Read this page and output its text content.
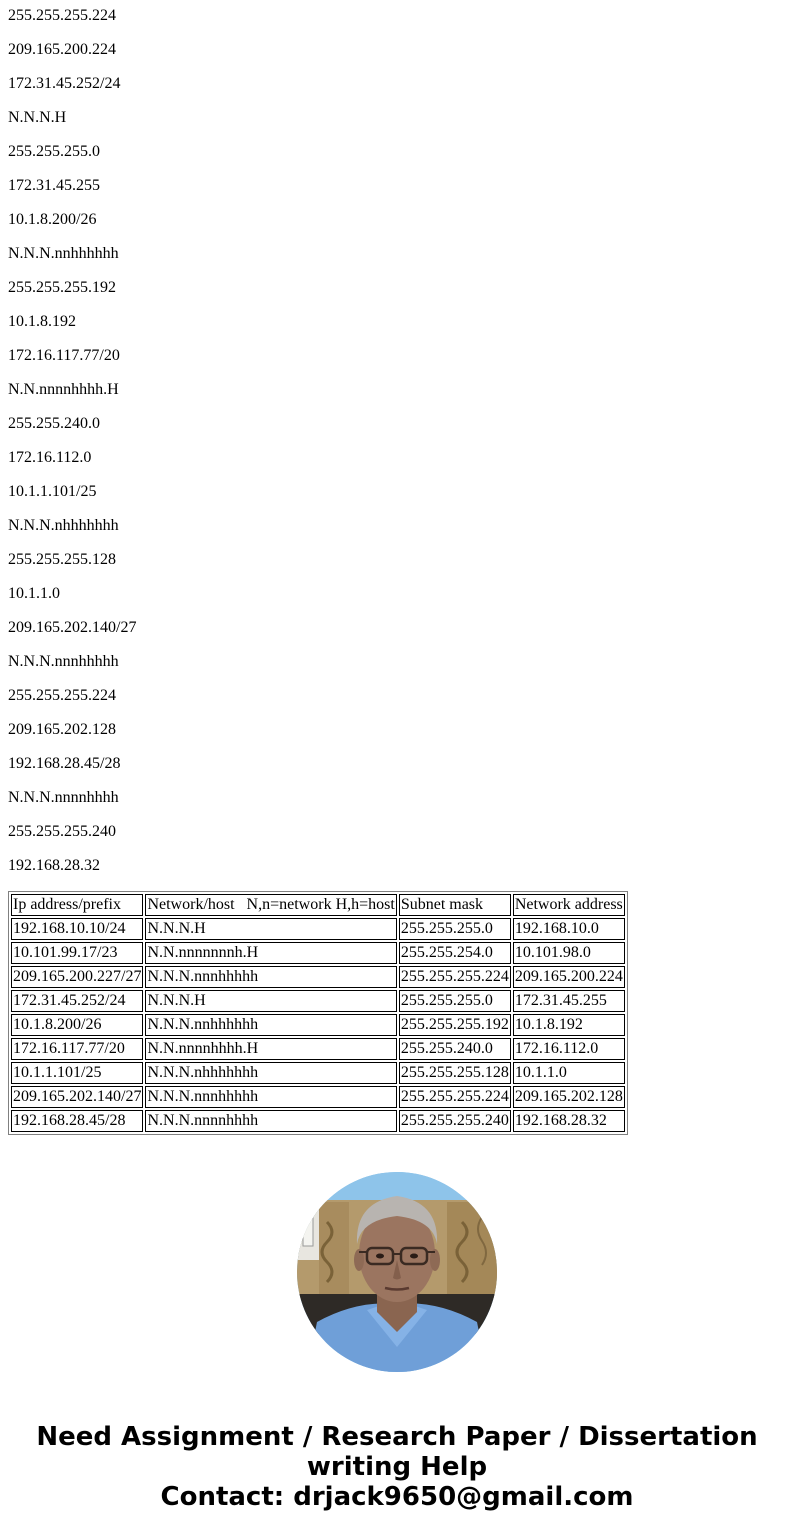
255.255.255.224

209.165.200.224

172.31.45.252/24

N.N.N.H

255.255.255.0

172.31.45.255

10.1.8.200/26

N.N.N.nnhhhhhh

255.255.255.192

10.1.8.192

172.16.117.77/20

N.N.nnnnhhhh.H

255.255.240.0

172.16.112.0

10.1.1.101/25

N.N.N.nhhhhhhh

255.255.255.128

10.1.1.0

209.165.202.140/27

N.N.N.nnnhhhhh

255.255.255.224

209.165.202.128

192.168.28.45/28

N.N.N.nnnnhhhh

255.255.255.240

192.168.28.32

Ip address/prefix	Network/host   N,n=network H,h=host	Subnet mask	Network address
192.168.10.10/24	N.N.N.H	255.255.255.0	192.168.10.0
10.101.99.17/23	N.N.nnnnnnnh.H	255.255.254.0	10.101.98.0
209.165.200.227/27	N.N.N.nnnhhhhh	255.255.255.224	209.165.200.224
172.31.45.252/24	N.N.N.H	255.255.255.0	172.31.45.255
10.1.8.200/26	N.N.N.nnhhhhhh	255.255.255.192	10.1.8.192
172.16.117.77/20	N.N.nnnnhhhh.H	255.255.240.0	172.16.112.0
10.1.1.101/25	N.N.N.nhhhhhhh	255.255.255.128	10.1.1.0
209.165.202.140/27	N.N.N.nnnhhhhh	255.255.255.224	209.165.202.128
192.168.28.45/28	N.N.N.nnnnhhhh	255.255.255.240	192.168.28.32
Need Assignment / Research Paper / Dissertation
writing Help
Contact: drjack9650@gmail.com
